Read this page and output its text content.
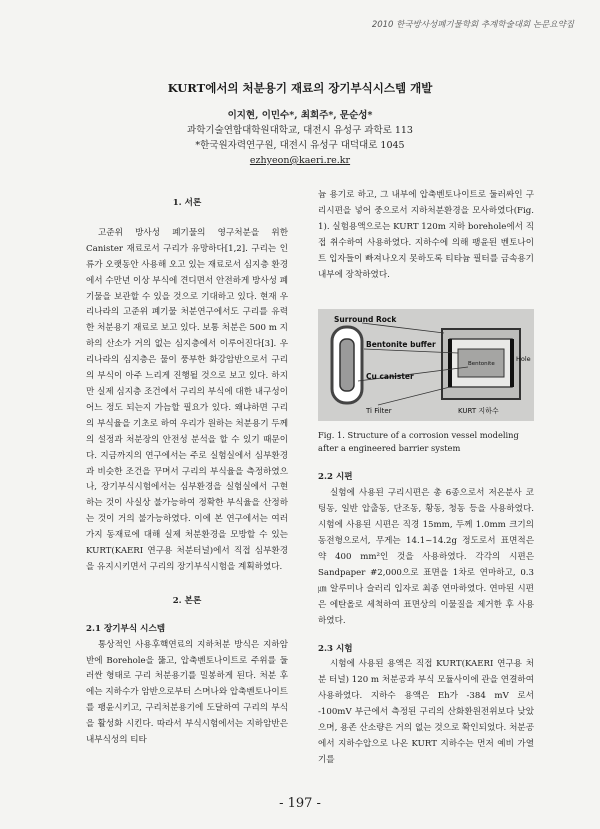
2010 한국방사성폐기물학회 추계학술대회 논문요약집
KURT에서의 처분용기 재료의 장기부식시스템 개발
이지현, 이민수*, 최희주*, 문순성*
과학기술연합대학원대학교, 대전시 유성구 과학로 113
*한국원자력연구원, 대전시 유성구 대덕대로 1045
ezhyeon@kaeri.re.kr
1. 서론

고준위 방사성 폐기물의 영구처분을 위한 Canister 재료로서 구리가 유망하다[1,2]. 구리는 인류가 오랫동안 사용해 오고 있는 재료로서 심지층 환경에서 수만년 이상 부식에 견디면서 안전하게 방사성 폐기물을 보관할 수 있을 것으로 기대하고 있다. 현재 우리나라의 고준위 폐기물 처분연구에서도 구리를 유력한 처분용기 재료로 보고 있다. 보통 처분은 500 m 지하의 산소가 거의 없는 심지층에서 이루어진다[3]. 우리나라의 심지층은 물이 풍부한 화강암반으로서 구리의 부식이 아주 느리게 진행될 것으로 보고 있다. 하지만 실제 심지층 조건에서 구리의 부식에 대한 내구성이 어느 정도 되는지 가늠할 필요가 있다. 왜냐하면 구리의 부식율을 기초로 하여 우리가 원하는 처분용기 두께의 설정과 처분장의 안전성 분석을 할 수 있기 때문이다. 지금까지의 연구에서는 주로 실험실에서 심부환경과 비슷한 조건을 꾸며서 구리의 부식율을 측정하였으나, 장기부식시험에서는 심부환경을 실험실에서 구현하는 것이 사실상 불가능하여 정확한 부식율을 산정하는 것이 거의 불가능하였다. 이에 본 연구에서는 여러 가지 동재료에 대해 실제 처분환경을 모방할 수 있는 KURT(KAERI 연구용 처분터널)에서 직접 심부환경을 유지시키면서 구리의 장기부식시험을 계획하였다.

2. 본론
2.1 장기부식 시스템

통상적인 사용후핵연료의 지하처분 방식은 지하암반에 Borehole을 뚫고, 압축벤토나이트로 주위를 둘러싼 형태로 구리 처분용기를 밀봉하게 된다. 처분 후에는 지하수가 암반으로부터 스며나와 압축벤토나이트를 팽윤시키고, 구리처분용기에 도달하여 구리의 부식을 활성화 시킨다. 따라서 부식시험에서는 지하암반은 내부식성의 티타

늄 용기로 하고, 그 내부에 압축벤토나이트로 둘러싸인 구리시편을 넣어 중으로서 지하처분환경을 모사하였다(Fig. 1). 실험용액으로는 KURT 120m 지하 borehole에서 직접 취수하여 사용하였다. 지하수에 의해 팽윤된 벤토나이트 입자들이 빠져나오지 못하도록 티타늄 필터를 금속용기 내부에 장착하였다.

Surround Rock
Bentonite buffer
Cu canister
Ti Filter
Hole
Bentonite
KURT 지하수

Fig. 1. Structure of a corrosion vessel modeling after a engineered barrier system

2.2 시편

실험에 사용된 구리시편은 총 6종으로서 저온분사 코팅동, 일반 압출동, 단조동, 황동, 청동 등을 사용하였다. 시험에 사용된 시편은 직경 15mm, 두께 1.0mm 크기의 동전형으로서, 무게는 14.1~14.2g 정도로서 표면적은 약 400 mm²인 것을 사용하였다. 각각의 시편은 Sandpaper #2,000으로 표면을 1차로 연마하고, 0.3 ㎛ 알루미나 슬러리 입자로 최종 연마하였다. 연마된 시편은 에탄올로 세척하여 표면상의 이물질을 제거한 후 사용하였다.

2.3 시험

시험에 사용된 용액은 직접 KURT(KAERI 연구용 처분 터널) 120 m 처분공과 부식 모듈사이에 관을 연결하여 사용하였다. 지하수 용액은 Eh가 -384 mV 로서 -100mV 부근에서 측정된 구리의 산화환원전위보다 낮았으며, 용존 산소량은 거의 없는 것으로 확인되었다. 처분공에서 지하수압으로 나온 KURT 지하수는 먼저 예비 가열기를

- 197 -
